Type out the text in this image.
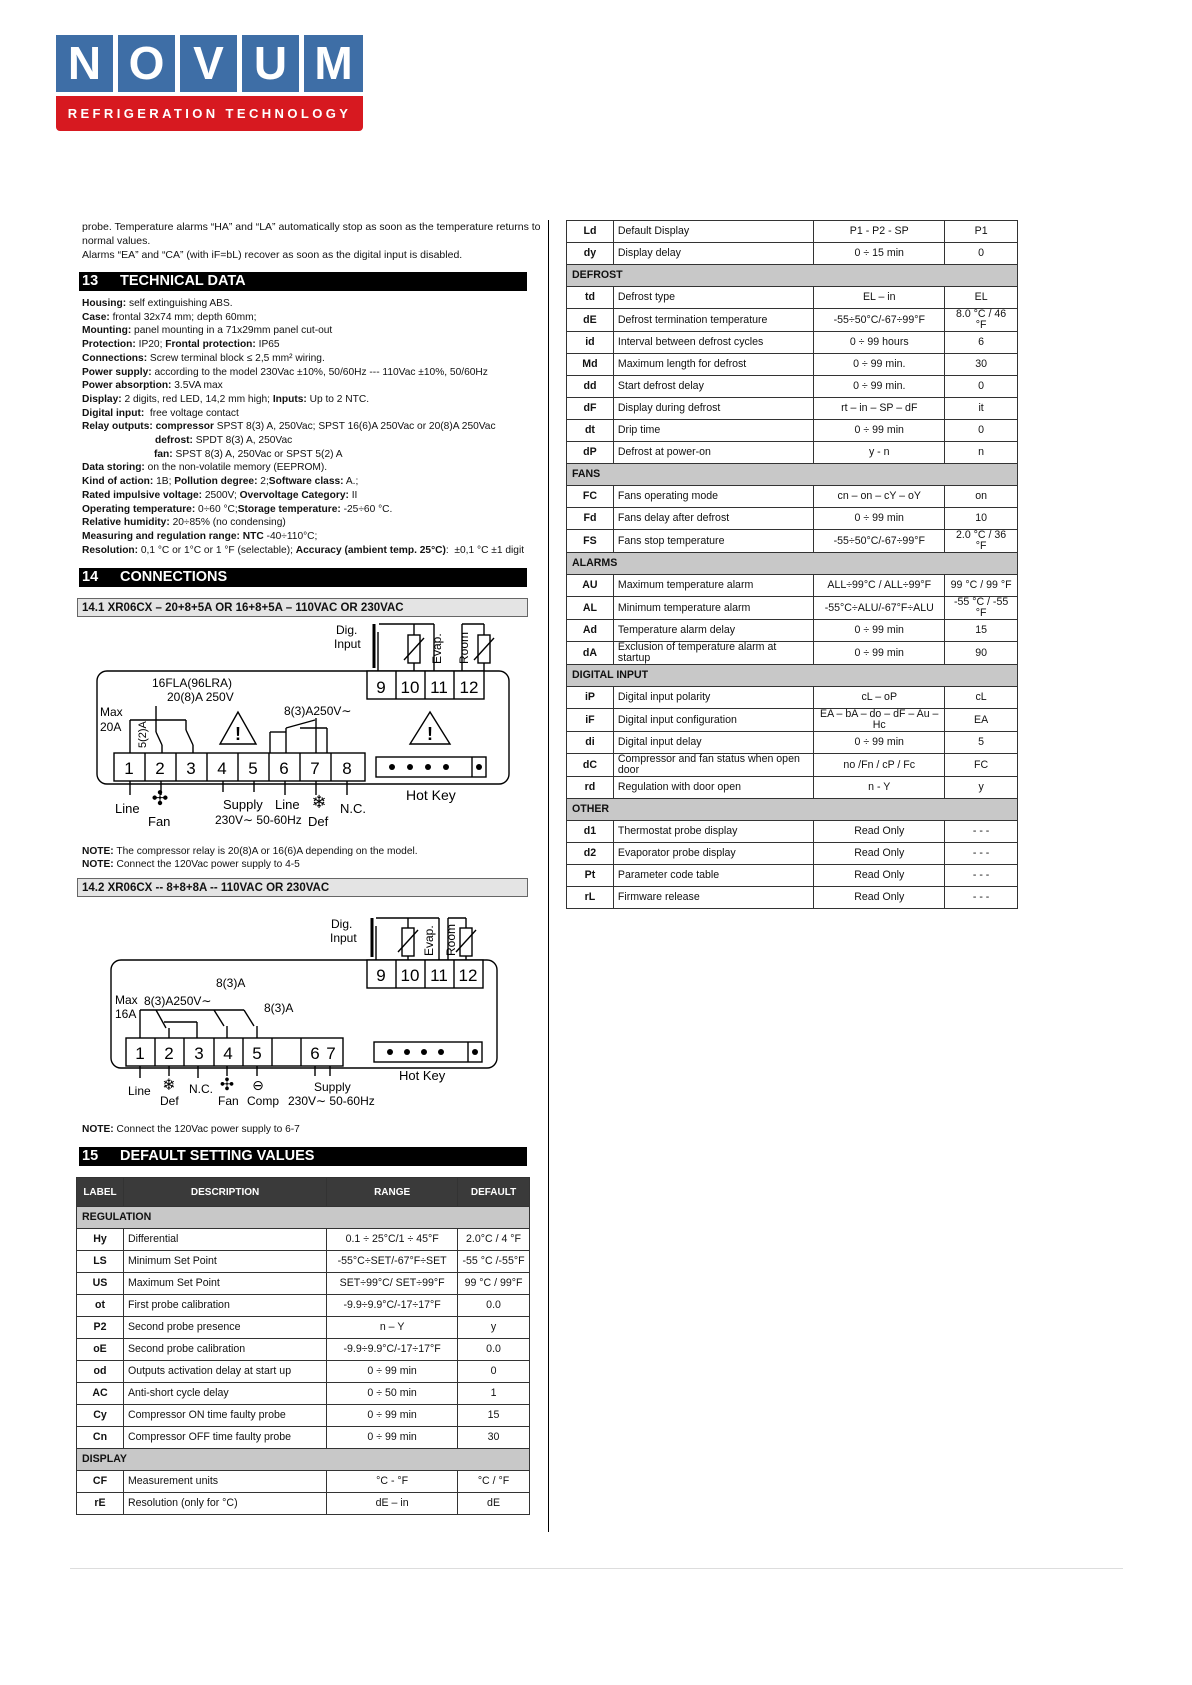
N O V U M
REFRIGERATION TECHNOLOGY
probe. Temperature alarms “HA” and “LA” automatically stop as soon as the temperature returns to
normal values.
Alarms “EA” and “CA” (with iF=bL) recover as soon as the digital input is disabled.
13 TECHNICAL DATA
Housing: self extinguishing ABS.
Case: frontal 32x74 mm; depth 60mm;
Mounting: panel mounting in a 71x29mm panel cut-out
Protection: IP20; Frontal protection: IP65
Connections: Screw terminal block ≤ 2,5 mm² wiring.
Power supply: according to the model 230Vac ±10%, 50/60Hz --- 110Vac ±10%, 50/60Hz
Power absorption: 3.5VA max
Display: 2 digits, red LED, 14,2 mm high; Inputs: Up to 2 NTC.
Digital input:  free voltage contact
Relay outputs: compressor SPST 8(3) A, 250Vac; SPST 16(6)A 250Vac or 20(8)A 250Vac
defrost: SPDT 8(3) A, 250Vac
fan: SPST 8(3) A, 250Vac or SPST 5(2) A
Data storing: on the non-volatile memory (EEPROM).
Kind of action: 1B; Pollution degree: 2;Software class: A.;
Rated impulsive voltage: 2500V; Overvoltage Category: II
Operating temperature: 0÷60 °C;Storage temperature: -25÷60 °C.
Relative humidity: 20÷85% (no condensing)
Measuring and regulation range: NTC -40÷110°C;
Resolution: 0,1 °C or 1°C or 1 °F (selectable); Accuracy (ambient temp. 25°C):  ±0,1 °C ±1 digit
14 CONNECTIONS
14.1 XR06CX – 20+8+5A OR 16+8+5A – 110VAC OR 230VAC
!	!
Dig.
Input	Evap. Room
9 10 11 12
16FLA(96LRA)
20(8)A 250V
Max
20A 5(2)A
8(3)A250V∼
1 2 3 4 5 6 7 8
Line
Fan
Supply
230V∼ 50-60Hz
Line
Def
N.C.
Hot Key
✣	❄
NOTE: The compressor relay is 20(8)A or 16(6)A depending on the model.
NOTE: Connect the 120Vac power supply to 4-5
14.2 XR06CX -- 8+8+8A -- 110VAC OR 230VAC
Dig.
Input	Evap. Room
9 10 11 12
Max
16A
8(3)A250V∼
8(3)A
8(3)A
1 2 3 4 5	6 7
Line
Def
N.C.
Fan Comp
Supply
230V∼ 50-60Hz
Hot Key
❄	✣ ⊖
NOTE: Connect the 120Vac power supply to 6-7
15 DEFAULT SETTING VALUES
LABEL	DESCRIPTION	RANGE	DEFAULT
REGULATION			
Hy	Differential	0.1 ÷ 25°C/1 ÷ 45°F	2.0°C / 4 °F
LS	Minimum Set Point	-55°C÷SET/-67°F÷SET	-55 °C /-55°F
US	Maximum Set Point	SET÷99°C/ SET÷99°F	99 °C / 99°F
ot	First probe calibration	-9.9÷9.9°C/-17÷17°F	0.0
P2	Second probe presence	n – Y	y
oE	Second probe calibration	-9.9÷9.9°C/-17÷17°F	0.0
od	Outputs activation delay at start up	0 ÷ 99 min	0
AC	Anti-short cycle delay	0 ÷ 50 min	1
Cy	Compressor ON time faulty probe	0 ÷ 99 min	15
Cn	Compressor OFF time faulty probe	0 ÷ 99 min	30
DISPLAY			
CF	Measurement units	°C - °F	°C / °F
rE	Resolution (only for °C)	dE – in	dE
Ld	Default Display	P1 - P2 - SP	P1
dy	Display delay	0 ÷ 15 min	0
DEFROST			
td	Defrost type	EL – in	EL
dE	Defrost termination temperature	-55÷50°C/-67÷99°F	8.0 °C / 46 °F
id	Interval between defrost cycles	0 ÷ 99 hours	6
Md	Maximum length for defrost	0 ÷ 99 min.	30
dd	Start defrost delay	0 ÷ 99 min.	0
dF	Display during defrost	rt – in – SP – dF	it
dt	Drip time	0 ÷ 99 min	0
dP	Defrost at power-on	y - n	n
FANS			
FC	Fans operating mode	cn – on – cY – oY	on
Fd	Fans delay after defrost	0 ÷ 99 min	10
FS	Fans stop temperature	-55÷50°C/-67÷99°F	2.0 °C / 36 °F
ALARMS			
AU	Maximum temperature alarm	ALL÷99°C / ALL÷99°F	99 °C / 99 °F
AL	Minimum temperature alarm	-55°C÷ALU/-67°F÷ALU	-55 °C / -55 °F
Ad	Temperature alarm delay	0 ÷ 99 min	15
dA	Exclusion of temperature alarm at startup	0 ÷ 99 min	90
DIGITAL INPUT			
iP	Digital input polarity	cL – oP	cL
iF	Digital input configuration	EA – bA – do – dF – Au – Hc	EA
di	Digital input delay	0 ÷ 99 min	5
dC	Compressor and fan status when open door	no /Fn / cP / Fc	FC
rd	Regulation with door open	n - Y	y
OTHER			
d1	Thermostat probe display	Read Only	- - -
d2	Evaporator probe display	Read Only	- - -
Pt	Parameter code table	Read Only	- - -
rL	Firmware release	Read Only	- - -
